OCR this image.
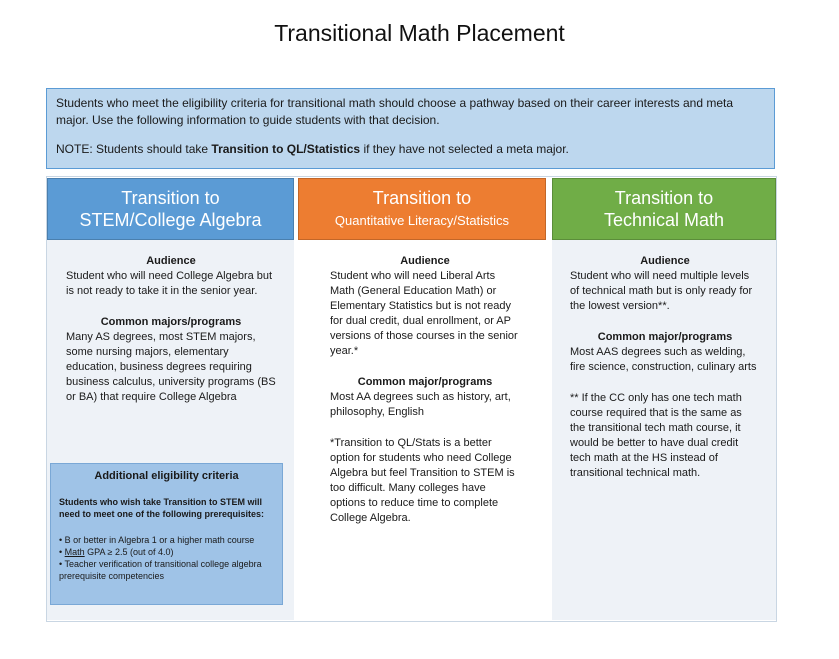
Transitional Math Placement

Students who meet the eligibility criteria for transitional math should choose a pathway based on their career interests and meta major. Use the following information to guide students with that decision.

NOTE: Students should take Transition to QL/Statistics if they have not selected a meta major.

Transition to
STEM/College Algebra
Transition to
Quantitative Literacy/Statistics
Transition to
Technical Math
Audience

Student who will need College Algebra but is not ready to take it in the senior year.

Common majors/programs

Many AS degrees, most STEM majors, some nursing majors, elementary education, business degrees requiring business calculus, university programs (BS or BA) that require College Algebra

Audience

Student who will need Liberal Arts Math (General Education Math) or Elementary Statistics but is not ready for dual credit, dual enrollment, or AP versions of those courses in the senior year.*

Common major/programs

Most AA degrees such as history, art, philosophy, English

*Transition to QL/Stats is a better option for students who need College Algebra but feel Transition to STEM is too difficult. Many colleges have options to reduce time to complete College Algebra.

Audience

Student who will need multiple levels of technical math but is only ready for the lowest version**.

Common major/programs

Most AAS degrees such as welding, fire science, construction, culinary arts

** If the CC only has one tech math course required that is the same as the transitional tech math course, it would be better to have dual credit tech math at the HS instead of transitional technical math.

Additional eligibility criteria
Students who wish take Transition to STEM will need to meet one of the following prerequisites:
• B or better in Algebra 1 or a higher math course
• Math GPA ≥ 2.5 (out of 4.0)
• Teacher verification of transitional college algebra prerequisite competencies
